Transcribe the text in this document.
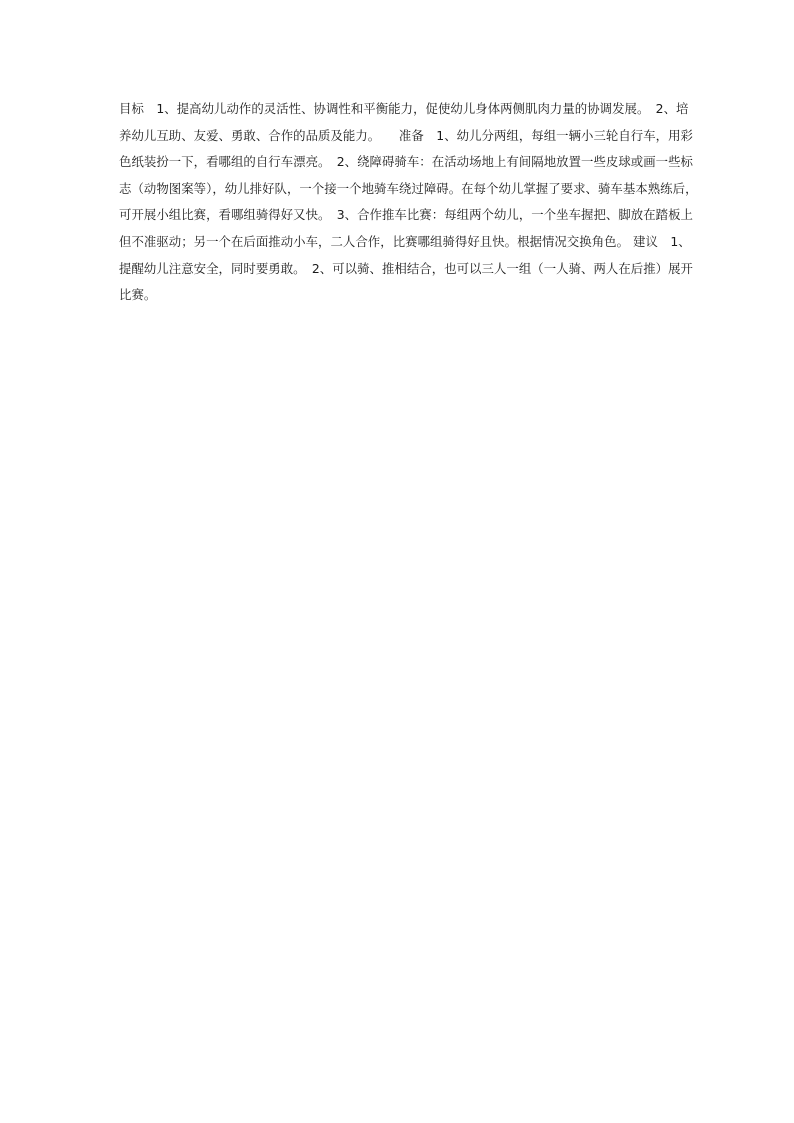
目标　1、提高幼儿动作的灵活性、协调性和平衡能力，促使幼儿身体两侧肌肉力量的协调发展。　2、培
养幼儿互助、友爱、勇敢、合作的品质及能力。　　准备　1、幼儿分两组，每组一辆小三轮自行车，用彩
色纸装扮一下，看哪组的自行车漂亮。　2、绕障碍骑车：在活动场地上有间隔地放置一些皮球或画一些标
志（动物图案等），幼儿排好队，一个接一个地骑车绕过障碍。在每个幼儿掌握了要求、骑车基本熟练后，
可开展小组比赛，看哪组骑得好又快。　3、合作推车比赛：每组两个幼儿，一个坐车握把、脚放在踏板上
但不准驱动；另一个在后面推动小车，二人合作，比赛哪组骑得好且快。根据情况交换角色。 建议　1、
提醒幼儿注意安全，同时要勇敢。　2、可以骑、推相结合，也可以三人一组（一人骑、两人在后推）展开
比赛。
